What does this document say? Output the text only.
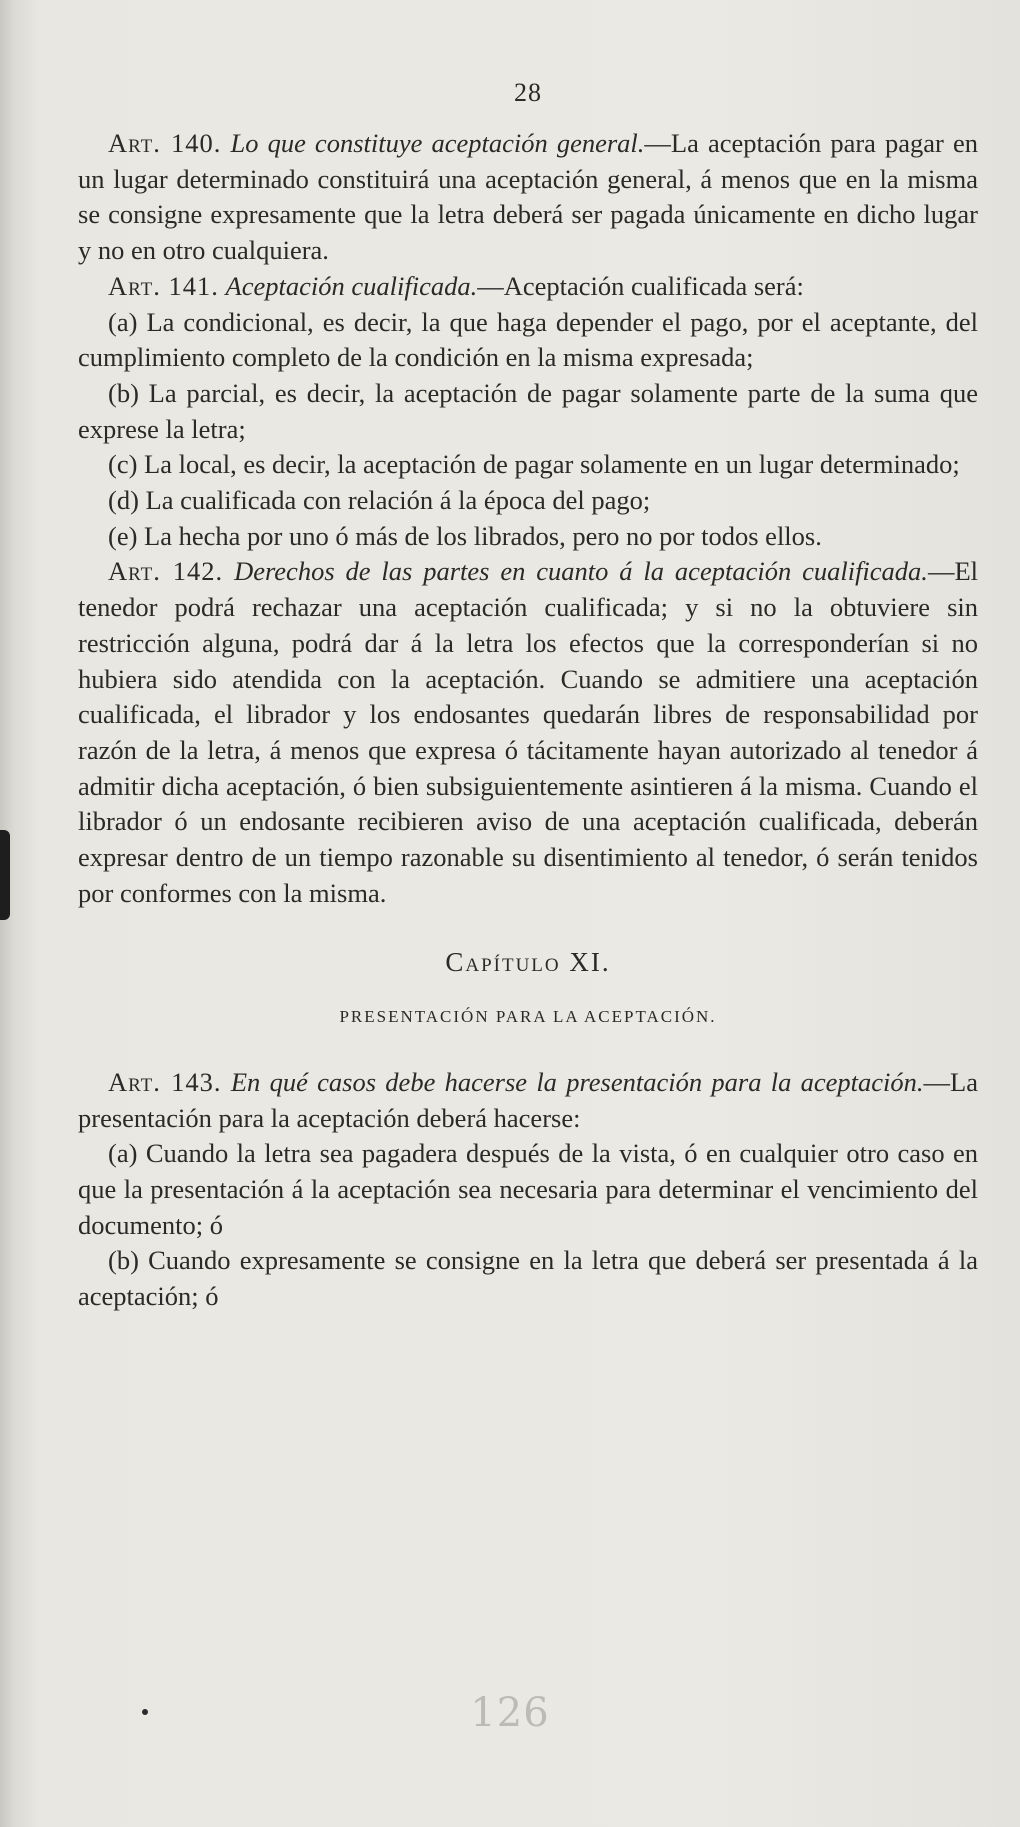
28

Art. 140. Lo que constituye aceptación general.—La aceptación para pagar en un lugar determinado constituirá una aceptación general, á menos que en la misma se consigne expresamente que la letra deberá ser pagada únicamente en dicho lugar y no en otro cualquiera.

Art. 141. Aceptación cualificada.—Aceptación cualificada será:

(a) La condicional, es decir, la que haga depender el pago, por el aceptante, del cumplimiento completo de la condición en la misma expresada;

(b) La parcial, es decir, la aceptación de pagar solamente parte de la suma que exprese la letra;

(c) La local, es decir, la aceptación de pagar solamente en un lugar determinado;

(d) La cualificada con relación á la época del pago;

(e) La hecha por uno ó más de los librados, pero no por todos ellos.

Art. 142. Derechos de las partes en cuanto á la aceptación cualificada.—El tenedor podrá rechazar una aceptación cualificada; y si no la obtuviere sin restricción alguna, podrá dar á la letra los efectos que la corresponderían si no hubiera sido atendida con la aceptación. Cuando se admitiere una aceptación cualificada, el librador y los endosantes quedarán libres de responsabilidad por razón de la letra, á menos que expresa ó tácitamente hayan autorizado al tenedor á admitir dicha aceptación, ó bien subsiguientemente asintieren á la misma. Cuando el librador ó un endosante recibieren aviso de una aceptación cualificada, deberán expresar dentro de un tiempo razonable su disentimiento al tenedor, ó serán tenidos por conformes con la misma.

Capítulo XI.
PRESENTACIÓN PARA LA ACEPTACIÓN.

Art. 143. En qué casos debe hacerse la presentación para la aceptación.—La presentación para la aceptación deberá hacerse:

(a) Cuando la letra sea pagadera después de la vista, ó en cualquier otro caso en que la presentación á la aceptación sea necesaria para determinar el vencimiento del documento; ó

(b) Cuando expresamente se consigne en la letra que deberá ser presentada á la aceptación; ó

126
